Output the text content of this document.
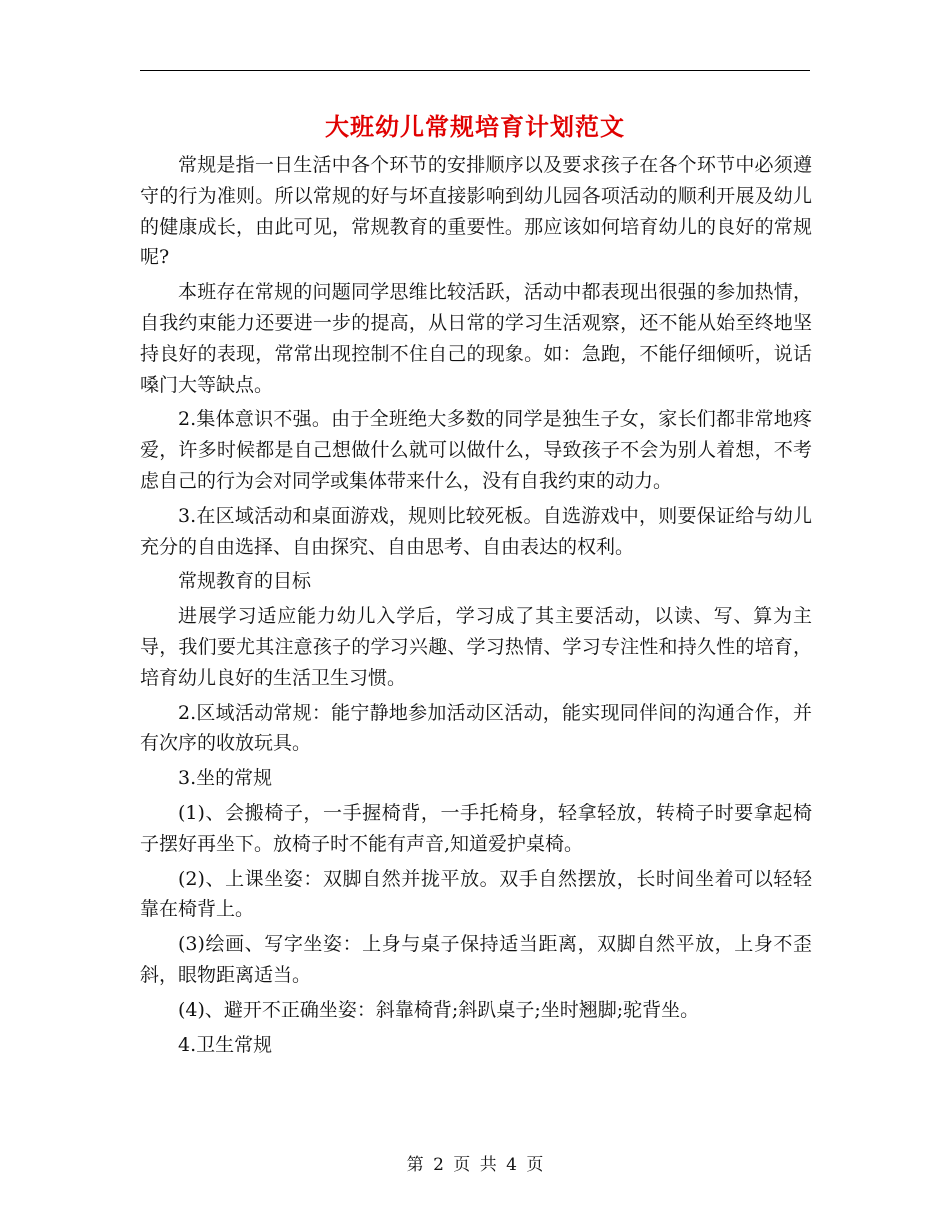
大班幼儿常规培育计划范文

常规是指一日生活中各个环节的安排顺序以及要求孩子在各个环节中必须遵守的行为准则。所以常规的好与坏直接影响到幼儿园各项活动的顺利开展及幼儿的健康成长，由此可见，常规教育的重要性。那应该如何培育幼儿的良好的常规呢?

本班存在常规的问题同学思维比较活跃，活动中都表现出很强的参加热情，自我约束能力还要进一步的提高，从日常的学习生活观察，还不能从始至终地坚持良好的表现，常常出现控制不住自己的现象。如：急跑，不能仔细倾听，说话嗓门大等缺点。

2.集体意识不强。由于全班绝大多数的同学是独生子女，家长们都非常地疼爱，许多时候都是自己想做什么就可以做什么，导致孩子不会为别人着想，不考虑自己的行为会对同学或集体带来什么，没有自我约束的动力。

3.在区域活动和桌面游戏，规则比较死板。自选游戏中，则要保证给与幼儿充分的自由选择、自由探究、自由思考、自由表达的权利。

常规教育的目标

进展学习适应能力幼儿入学后，学习成了其主要活动，以读、写、算为主导，我们要尤其注意孩子的学习兴趣、学习热情、学习专注性和持久性的培育，培育幼儿良好的生活卫生习惯。

2.区域活动常规：能宁静地参加活动区活动，能实现同伴间的沟通合作，并有次序的收放玩具。

3.坐的常规

(1)、会搬椅子，一手握椅背，一手托椅身，轻拿轻放，转椅子时要拿起椅子摆好再坐下。放椅子时不能有声音,知道爱护桌椅。

(2)、上课坐姿：双脚自然并拢平放。双手自然摆放，长时间坐着可以轻轻靠在椅背上。

(3)绘画、写字坐姿：上身与桌子保持适当距离，双脚自然平放，上身不歪斜，眼物距离适当。

(4)、避开不正确坐姿：斜靠椅背;斜趴桌子;坐时翘脚;驼背坐。

4.卫生常规

第 2 页 共 4 页
